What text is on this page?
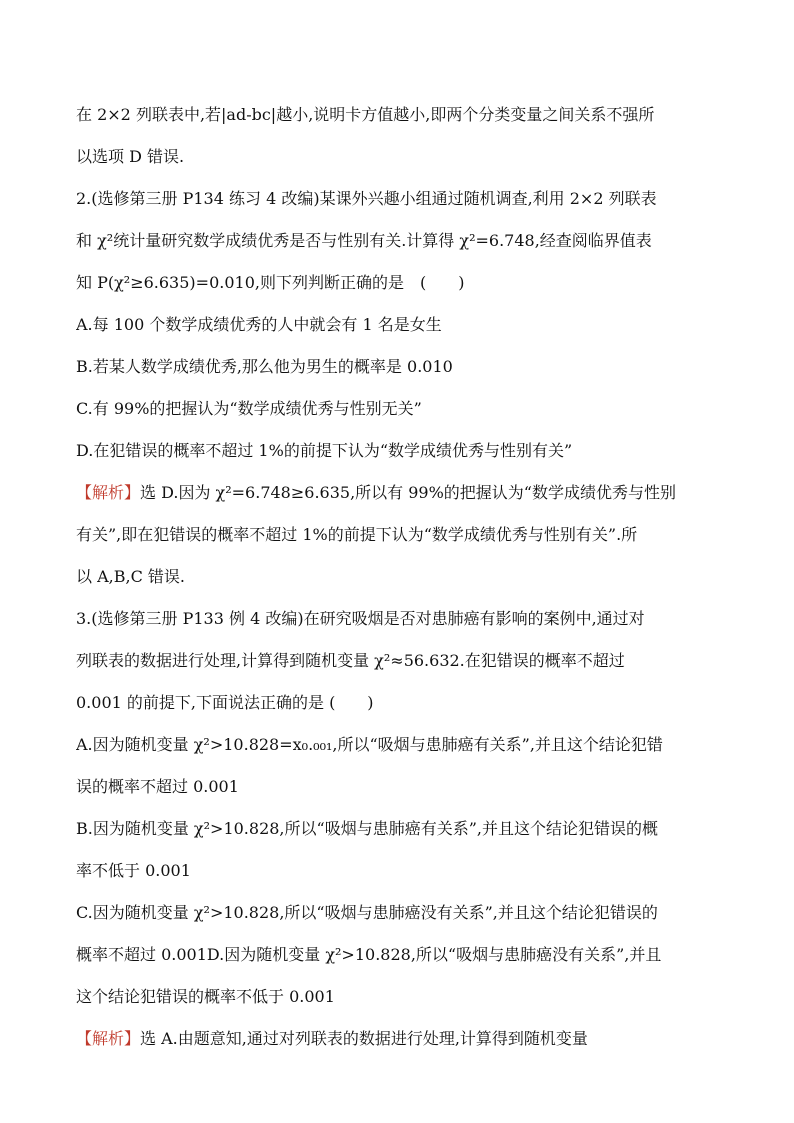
在 2×2 列联表中,若|ad-bc|越小,说明卡方值越小,即两个分类变量之间关系不强所
以选项 D 错误.
2.(选修第三册 P134 练习 4 改编)某课外兴趣小组通过随机调查,利用 2×2 列联表
和 χ²统计量研究数学成绩优秀是否与性别有关.计算得 χ²=6.748,经查阅临界值表
知 P(χ²≥6.635)=0.010,则下列判断正确的是　(　　)
A.每 100 个数学成绩优秀的人中就会有 1 名是女生
B.若某人数学成绩优秀,那么他为男生的概率是 0.010
C.有 99%的把握认为“数学成绩优秀与性别无关”
D.在犯错误的概率不超过 1%的前提下认为“数学成绩优秀与性别有关”
【解析】选 D.因为 χ²=6.748≥6.635,所以有 99%的把握认为“数学成绩优秀与性别
有关”,即在犯错误的概率不超过 1%的前提下认为“数学成绩优秀与性别有关”.所
以 A,B,C 错误.
3.(选修第三册 P133 例 4 改编)在研究吸烟是否对患肺癌有影响的案例中,通过对
列联表的数据进行处理,计算得到随机变量 χ²≈56.632.在犯错误的概率不超过
0.001 的前提下,下面说法正确的是 (　　)
A.因为随机变量 χ²>10.828=x₀.₀₀₁,所以“吸烟与患肺癌有关系”,并且这个结论犯错
误的概率不超过 0.001
B.因为随机变量 χ²>10.828,所以“吸烟与患肺癌有关系”,并且这个结论犯错误的概
率不低于 0.001
C.因为随机变量 χ²>10.828,所以“吸烟与患肺癌没有关系”,并且这个结论犯错误的
概率不超过 0.001D.因为随机变量 χ²>10.828,所以“吸烟与患肺癌没有关系”,并且
这个结论犯错误的概率不低于 0.001
【解析】选 A.由题意知,通过对列联表的数据进行处理,计算得到随机变量
